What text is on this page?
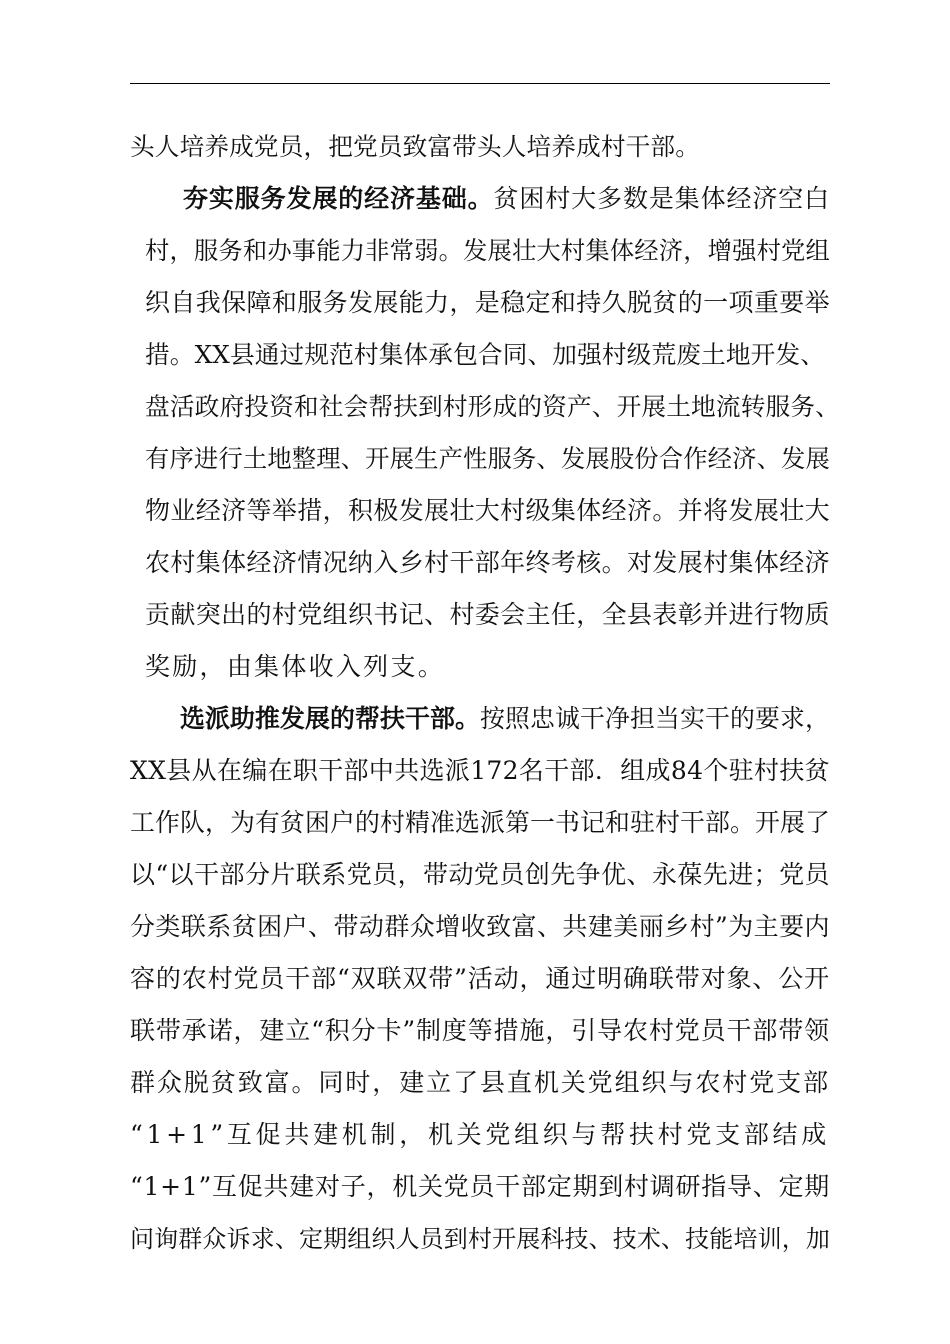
头人培养成党员，把党员致富带头人培养成村干部。
夯实服务发展的经济基础。贫困村大多数是集体经济空白
村，服务和办事能力非常弱。发展壮大村集体经济，增强村党组
织自我保障和服务发展能力，是稳定和持久脱贫的一项重要举
措。XX县通过规范村集体承包合同、加强村级荒废土地开发、
盘活政府投资和社会帮扶到村形成的资产、开展土地流转服务、
有序进行土地整理、开展生产性服务、发展股份合作经济、发展
物业经济等举措，积极发展壮大村级集体经济。并将发展壮大
农村集体经济情况纳入乡村干部年终考核。对发展村集体经济
贡献突出的村党组织书记、村委会主任，全县表彰并进行物质
奖励，由集体收入列支。
选派助推发展的帮扶干部。按照忠诚干净担当实干的要求，
XX县从在编在职干部中共选派172名干部．组成84个驻村扶贫
工作队，为有贫困户的村精准选派第一书记和驻村干部。开展了
以“以干部分片联系党员，带动党员创先争优、永葆先进；党员
分类联系贫困户、带动群众增收致富、共建美丽乡村”为主要内
容的农村党员干部“双联双带”活动，通过明确联带对象、公开
联带承诺，建立“积分卡”制度等措施，引导农村党员干部带领
群众脱贫致富。同时，建立了县直机关党组织与农村党支部
“1+1”互促共建机制，机关党组织与帮扶村党支部结成
“1+1”互促共建对子，机关党员干部定期到村调研指导、定期
问询群众诉求、定期组织人员到村开展科技、技术、技能培训，加
